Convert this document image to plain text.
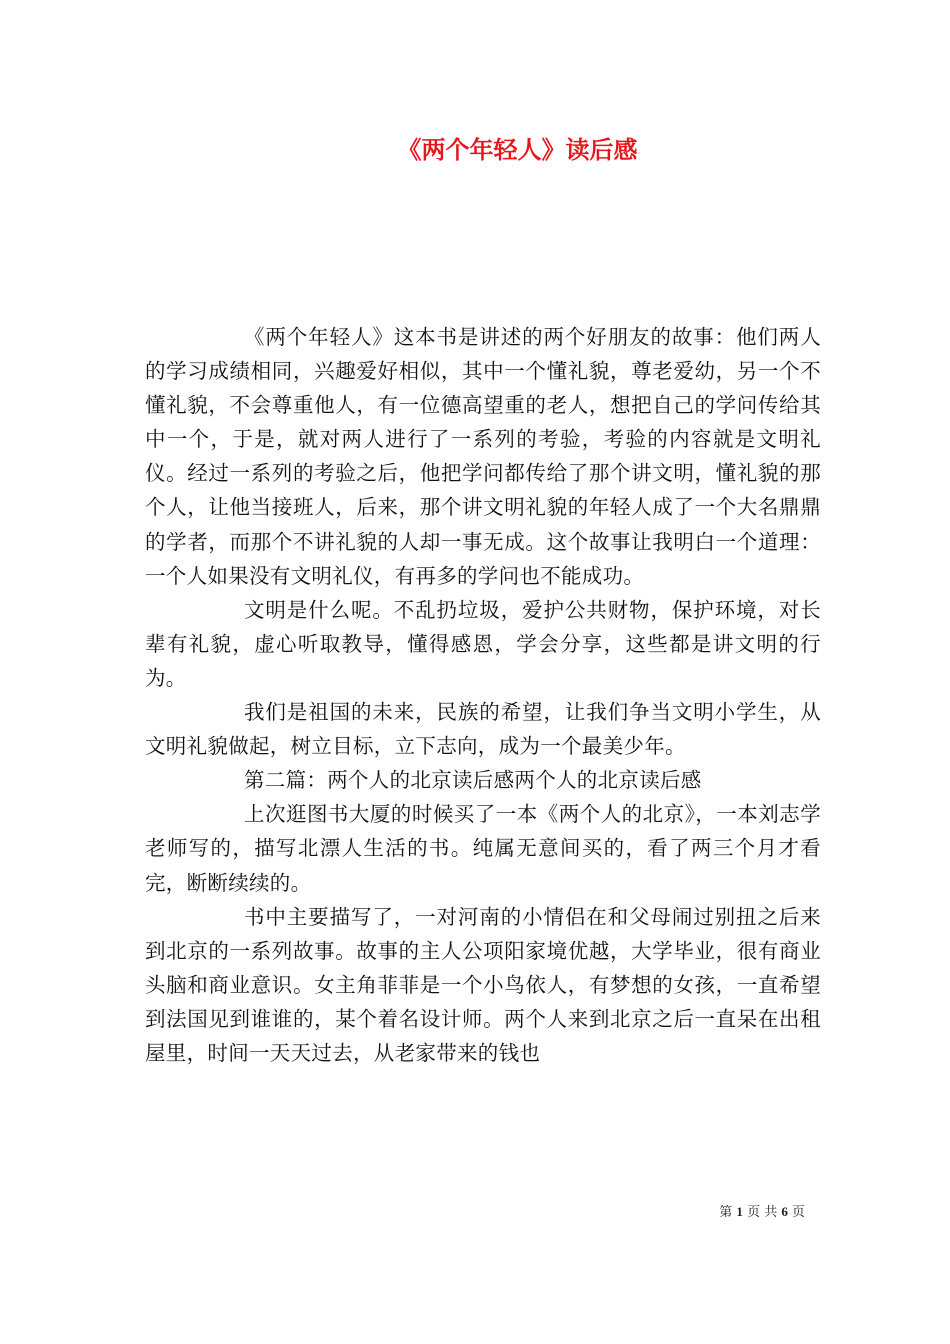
《两个年轻人》读后感

《两个年轻人》这本书是讲述的两个好朋友的故事：他们两人的学习成绩相同，兴趣爱好相似，其中一个懂礼貌，尊老爱幼，另一个不懂礼貌，不会尊重他人，有一位德高望重的老人，想把自己的学问传给其中一个，于是，就对两人进行了一系列的考验，考验的内容就是文明礼仪。经过一系列的考验之后，他把学问都传给了那个讲文明，懂礼貌的那个人，让他当接班人，后来，那个讲文明礼貌的年轻人成了一个大名鼎鼎的学者，而那个不讲礼貌的人却一事无成。这个故事让我明白一个道理：一个人如果没有文明礼仪，有再多的学问也不能成功。

文明是什么呢。不乱扔垃圾，爱护公共财物，保护环境，对长辈有礼貌，虚心听取教导，懂得感恩，学会分享，这些都是讲文明的行为。

我们是祖国的未来，民族的希望，让我们争当文明小学生，从文明礼貌做起，树立目标，立下志向，成为一个最美少年。

第二篇：两个人的北京读后感两个人的北京读后感

上次逛图书大厦的时候买了一本《两个人的北京》，一本刘志学老师写的，描写北漂人生活的书。纯属无意间买的，看了两三个月才看完，断断续续的。

书中主要描写了，一对河南的小情侣在和父母闹过别扭之后来到北京的一系列故事。故事的主人公项阳家境优越，大学毕业，很有商业头脑和商业意识。女主角菲菲是一个小鸟依人，有梦想的女孩，一直希望到法国见到谁谁的，某个着名设计师。两个人来到北京之后一直呆在出租屋里，时间一天天过去，从老家带来的钱也

第 1 页 共 6 页
